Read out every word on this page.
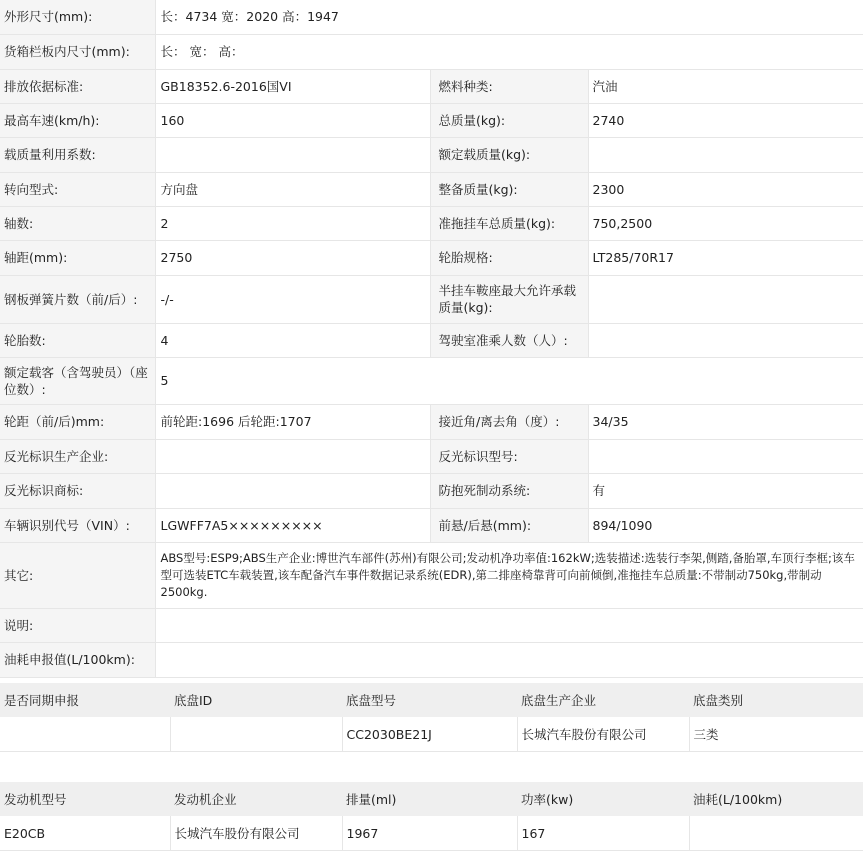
外形尺寸(mm):	长：4734 宽：2020 高：1947		
货箱栏板内尺寸(mm):	长： 宽： 高：		
排放依据标准:	GB18352.6-2016国VI	燃料种类:	汽油
最高车速(km/h):	160	总质量(kg):	2740
载质量利用系数:		额定载质量(kg):	
转向型式:	方向盘	整备质量(kg):	2300
轴数:	2	准拖挂车总质量(kg):	750,2500
轴距(mm):	2750	轮胎规格:	LT285/70R17
钢板弹簧片数（前/后）:	-/-	半挂车鞍座最大允许承载质量(kg):	
轮胎数:	4	驾驶室准乘人数（人）:	
额定载客（含驾驶员）（座位数）:	5		
轮距（前/后)mm:	前轮距:1696 后轮距:1707	接近角/离去角（度）:	34/35
反光标识生产企业:		反光标识型号:	
反光标识商标:		防抱死制动系统:	有
车辆识别代号（VIN）:	LGWFF7A5×××××××××	前悬/后悬(mm):	894/1090
其它:	ABS型号:ESP9;ABS生产企业:博世汽车部件(苏州)有限公司;发动机净功率值:162kW;选装描述:选装行李架,侧踏,备胎罩,车顶行李框;该车型可选装ETC车载装置,该车配备汽车事件数据记录系统(EDR),第二排座椅靠背可向前倾倒,准拖挂车总质量:不带制动750kg,带制动2500kg.		
说明:			
油耗申报值(L/100km):			
是否同期申报	底盘ID	底盘型号	底盘生产企业	底盘类别
		CC2030BE21J	长城汽车股份有限公司	三类
发动机型号	发动机企业	排量(ml)	功率(kw)	油耗(L/100km)
E20CB	长城汽车股份有限公司	1967	167	
